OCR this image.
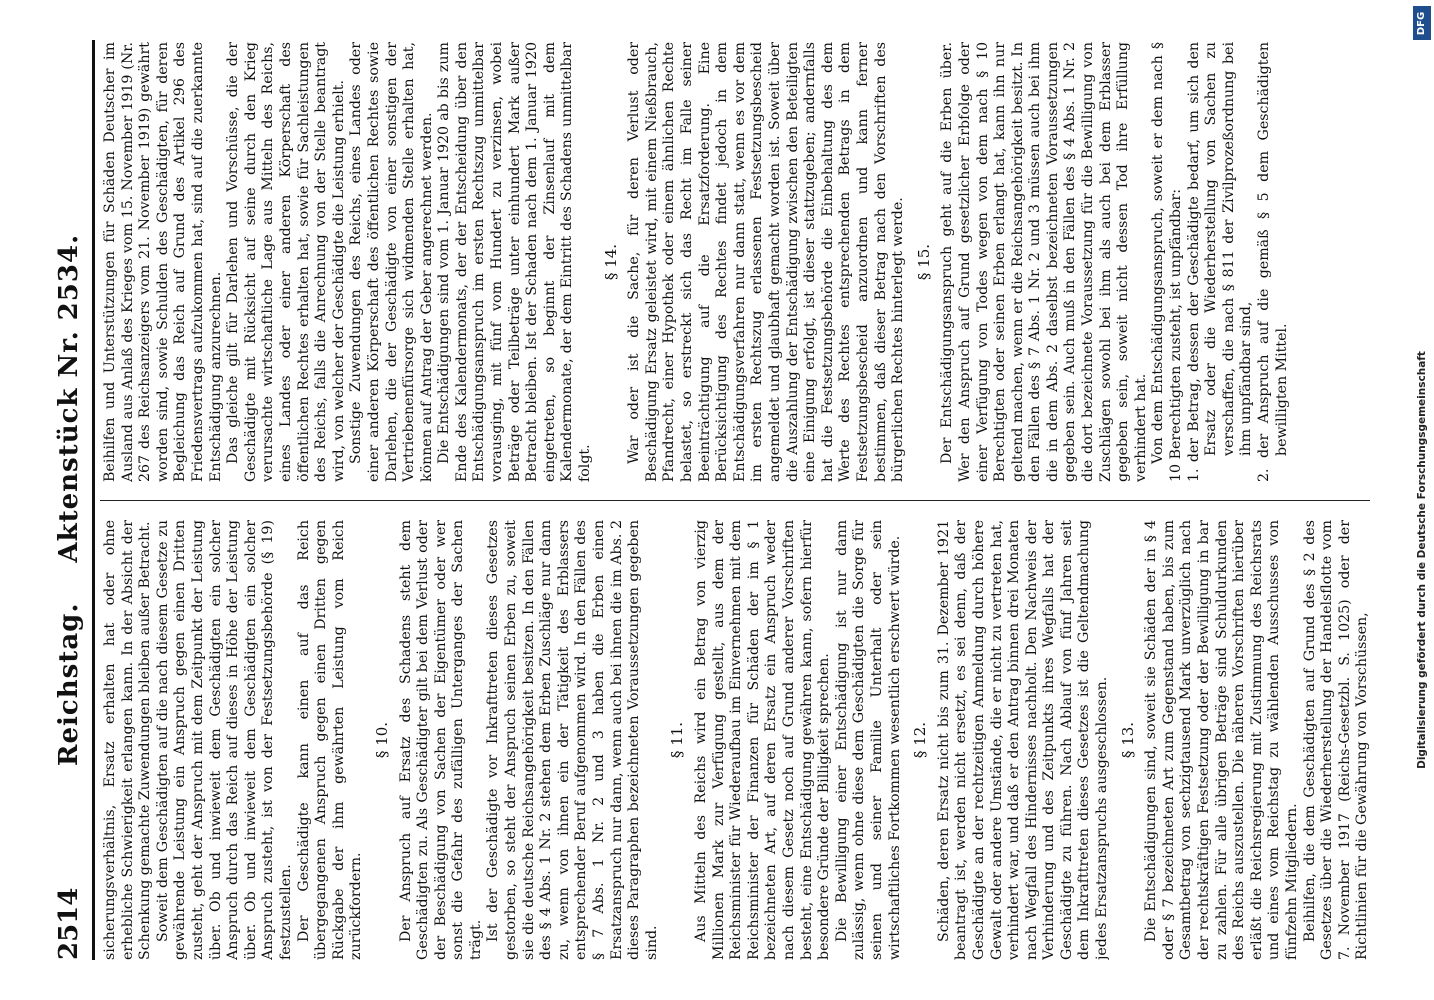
2514
Reichstag.Aktenstück Nr. 2534.

sicherungsverhältnis, Ersatz erhalten hat oder ohne erhebliche Schwierigkeit erlangen kann. In der Absicht der Schenkung gemachte Zuwendungen bleiben außer Betracht. Soweit dem Geschädigten auf die nach diesem Gesetze zu gewährende Leistung ein Anspruch gegen einen Dritten zusteht, geht der Anspruch mit dem Zeitpunkt der Leistung über. Ob und inwieweit dem Geschädigten ein solcher Anspruch durch das Reich auf dieses in Höhe der Leistung über. Ob und inwieweit dem Geschädigten ein solcher Anspruch zusteht, ist von der Festsetzungsbehörde (§ 19) festzustellen. Der Geschädigte kann einen auf das Reich übergegangenen Anspruch gegen einen Dritten gegen Rückgabe der ihm gewährten Leistung vom Reich zurückfordern.

§ 10. Der Anspruch auf Ersatz des Schadens steht dem Geschädigten zu. Als Geschädigter gilt bei dem Verlust oder der Beschädigung von Sachen der Eigentümer oder wer sonst die Gefahr des zufälligen Unterganges der Sachen trägt. Ist der Geschädigte vor Inkrafttreten dieses Gesetzes gestorben, so steht der Anspruch seinen Erben zu, soweit sie die deutsche Reichsangehörigkeit besitzen. In den Fällen des § 4 Abs. 1 Nr. 2 stehen dem Erben Zuschläge nur dann zu, wenn von ihnen ein der Tätigkeit des Erblassers entsprechender Beruf aufgenommen wird. In den Fällen des § 7 Abs. 1 Nr. 2 und 3 haben die Erben einen Ersatzanspruch nur dann, wenn auch bei ihnen die im Abs. 2 dieses Paragraphen bezeichneten Voraussetzungen gegeben sind.

§ 11. Aus Mitteln des Reichs wird ein Betrag von vierzig Millionen Mark zur Verfügung gestellt, aus dem der Reichsminister für Wiederaufbau im Einvernehmen mit dem Reichsminister der Finanzen für Schäden der im § 1 bezeichneten Art, auf deren Ersatz ein Anspruch weder nach diesem Gesetz noch auf Grund anderer Vorschriften besteht, eine Entschädigung gewähren kann, sofern hierfür besondere Gründe der Billigkeit sprechen. Die Bewilligung einer Entschädigung ist nur dann zulässig, wenn ohne diese dem Geschädigten die Sorge für seinen und seiner Familie Unterhalt oder sein wirtschaftliches Fortkommen wesentlich erschwert würde. § 12. Schäden, deren Ersatz nicht bis zum 31. Dezember 1921 beantragt ist, werden nicht ersetzt, es sei denn, daß der Geschädigte an der rechtzeitigen Anmeldung durch höhere Gewalt oder andere Umstände, die er nicht zu vertreten hat, verhindert war, und daß er den Antrag binnen drei Monaten nach Wegfall des Hindernisses nachholt. Den Nachweis der Verhinderung und des Zeitpunkts ihres Wegfalls hat der Geschädigte zu führen. Nach Ablauf von fünf Jahren seit dem Inkrafttreten dieses Gesetzes ist die Geltendmachung jedes Ersatzanspruchs ausgeschlossen. § 13. Die Entschädigungen sind, soweit sie Schäden der in § 4 oder § 7 bezeichneten Art zum Gegenstand haben, bis zum Gesamtbetrag von sechzigtausend Mark unverzüglich nach der rechtskräftigen Festsetzung oder der Bewilligung in bar zu zahlen. Für alle übrigen Beträge sind Schuldurkunden des Reichs auszustellen. Die näheren Vorschriften hierüber erläßt die Reichsregierung mit Zustimmung des Reichsrats und eines vom Reichstag zu wählenden Ausschusses von fünfzehn Mitgliedern. Beihilfen, die dem Geschädigten auf Grund des § 2 des Gesetzes über die Wiederherstellung der Handelsflotte vom 7. November 1917 (Reichs-Gesetzbl. S. 1025) oder der Richtlinien für die Gewährung von Vorschüssen,

Beihilfen und Unterstützungen für Schäden Deutscher im Ausland aus Anlaß des Krieges vom 15. November 1919 (Nr. 267 des Reichsanzeigers vom 21. November 1919) gewährt worden sind, sowie Schulden des Geschädigten, für deren Begleichung das Reich auf Grund des Artikel 296 des Friedensvertrags aufzukommen hat, sind auf die zuerkannte Entschädigung anzurechnen. Das gleiche gilt für Darlehen und Vorschüsse, die der Geschädigte mit Rücksicht auf seine durch den Krieg verursachte wirtschaftliche Lage aus Mitteln des Reichs, eines Landes oder einer anderen Körperschaft des öffentlichen Rechtes erhalten hat, sowie für Sachleistungen des Reichs, falls die Anrechnung von der Stelle beantragt wird, von welcher der Geschädigte die Leistung erhielt. Sonstige Zuwendungen des Reichs, eines Landes oder einer anderen Körperschaft des öffentlichen Rechtes sowie Darlehen, die der Geschädigte von einer sonstigen der Vertriebenenfürsorge sich widmenden Stelle erhalten hat, können auf Antrag der Geber angerechnet werden. Die Entschädigungen sind vom 1. Januar 1920 ab bis zum Ende des Kalendermonats, der der Entscheidung über den Entschädigungsanspruch im ersten Rechtszug unmittelbar vorausging, mit fünf vom Hundert zu verzinsen, wobei Beträge oder Teilbeträge unter einhundert Mark außer Betracht bleiben. Ist der Schaden nach dem 1. Januar 1920 eingetreten, so beginnt der Zinsenlauf mit dem Kalendermonate, der dem Eintritt des Schadens unmittelbar folgt.

§ 14. War oder ist die Sache, für deren Verlust oder Beschädigung Ersatz geleistet wird, mit einem Nießbrauch, Pfandrecht, einer Hypothek oder einem ähnlichen Rechte belastet, so erstreckt sich das Recht im Falle seiner Beeinträchtigung auf die Ersatzforderung. Eine Berücksichtigung des Rechtes findet jedoch in dem Entschädigungsverfahren nur dann statt, wenn es vor dem im ersten Rechtszug erlassenen Festsetzungsbescheid angemeldet und glaubhaft gemacht worden ist. Soweit über die Auszahlung der Entschädigung zwischen den Beteiligten eine Einigung erfolgt, ist dieser stattzugeben; andernfalls hat die Festsetzungsbehörde die Einbehaltung des dem Werte des Rechtes entsprechenden Betrags in dem Festsetzungsbescheid anzuordnen und kann ferner bestimmen, daß dieser Betrag nach den Vorschriften des bürgerlichen Rechtes hinterlegt werde. § 15. Der Entschädigungsanspruch geht auf die Erben über. Wer den Anspruch auf Grund gesetzlicher Erbfolge oder einer Verfügung von Todes wegen von dem nach § 10 Berechtigten oder seinen Erben erlangt hat, kann ihn nur geltend machen, wenn er die Reichsangehörigkeit besitzt. In den Fällen des § 7 Abs. 1 Nr. 2 und 3 müssen auch bei ihm die in dem Abs. 2 daselbst bezeichneten Voraussetzungen gegeben sein. Auch muß in den Fällen des § 4 Abs. 1 Nr. 2 die dort bezeichnete Voraussetzung für die Bewilligung von Zuschlägen sowohl bei ihm als auch bei dem Erblasser gegeben sein, soweit nicht dessen Tod ihre Erfüllung verhindert hat. Von dem Entschädigungsanspruch, soweit er dem nach § 10 Berechtigten zusteht, ist unpfändbar: 1. der Betrag, dessen der Geschädigte bedarf, um sich den Ersatz oder die Wiederherstellung von Sachen zu verschaffen, die nach § 811 der Zivilprozeßordnung bei ihm unpfändbar sind, 2. der Anspruch auf die gemäß § 5 dem Geschädigten bewilligten Mittel.

DFG
Digitalisierung gefördert durch die Deutsche Forschungsgemeinschaft
